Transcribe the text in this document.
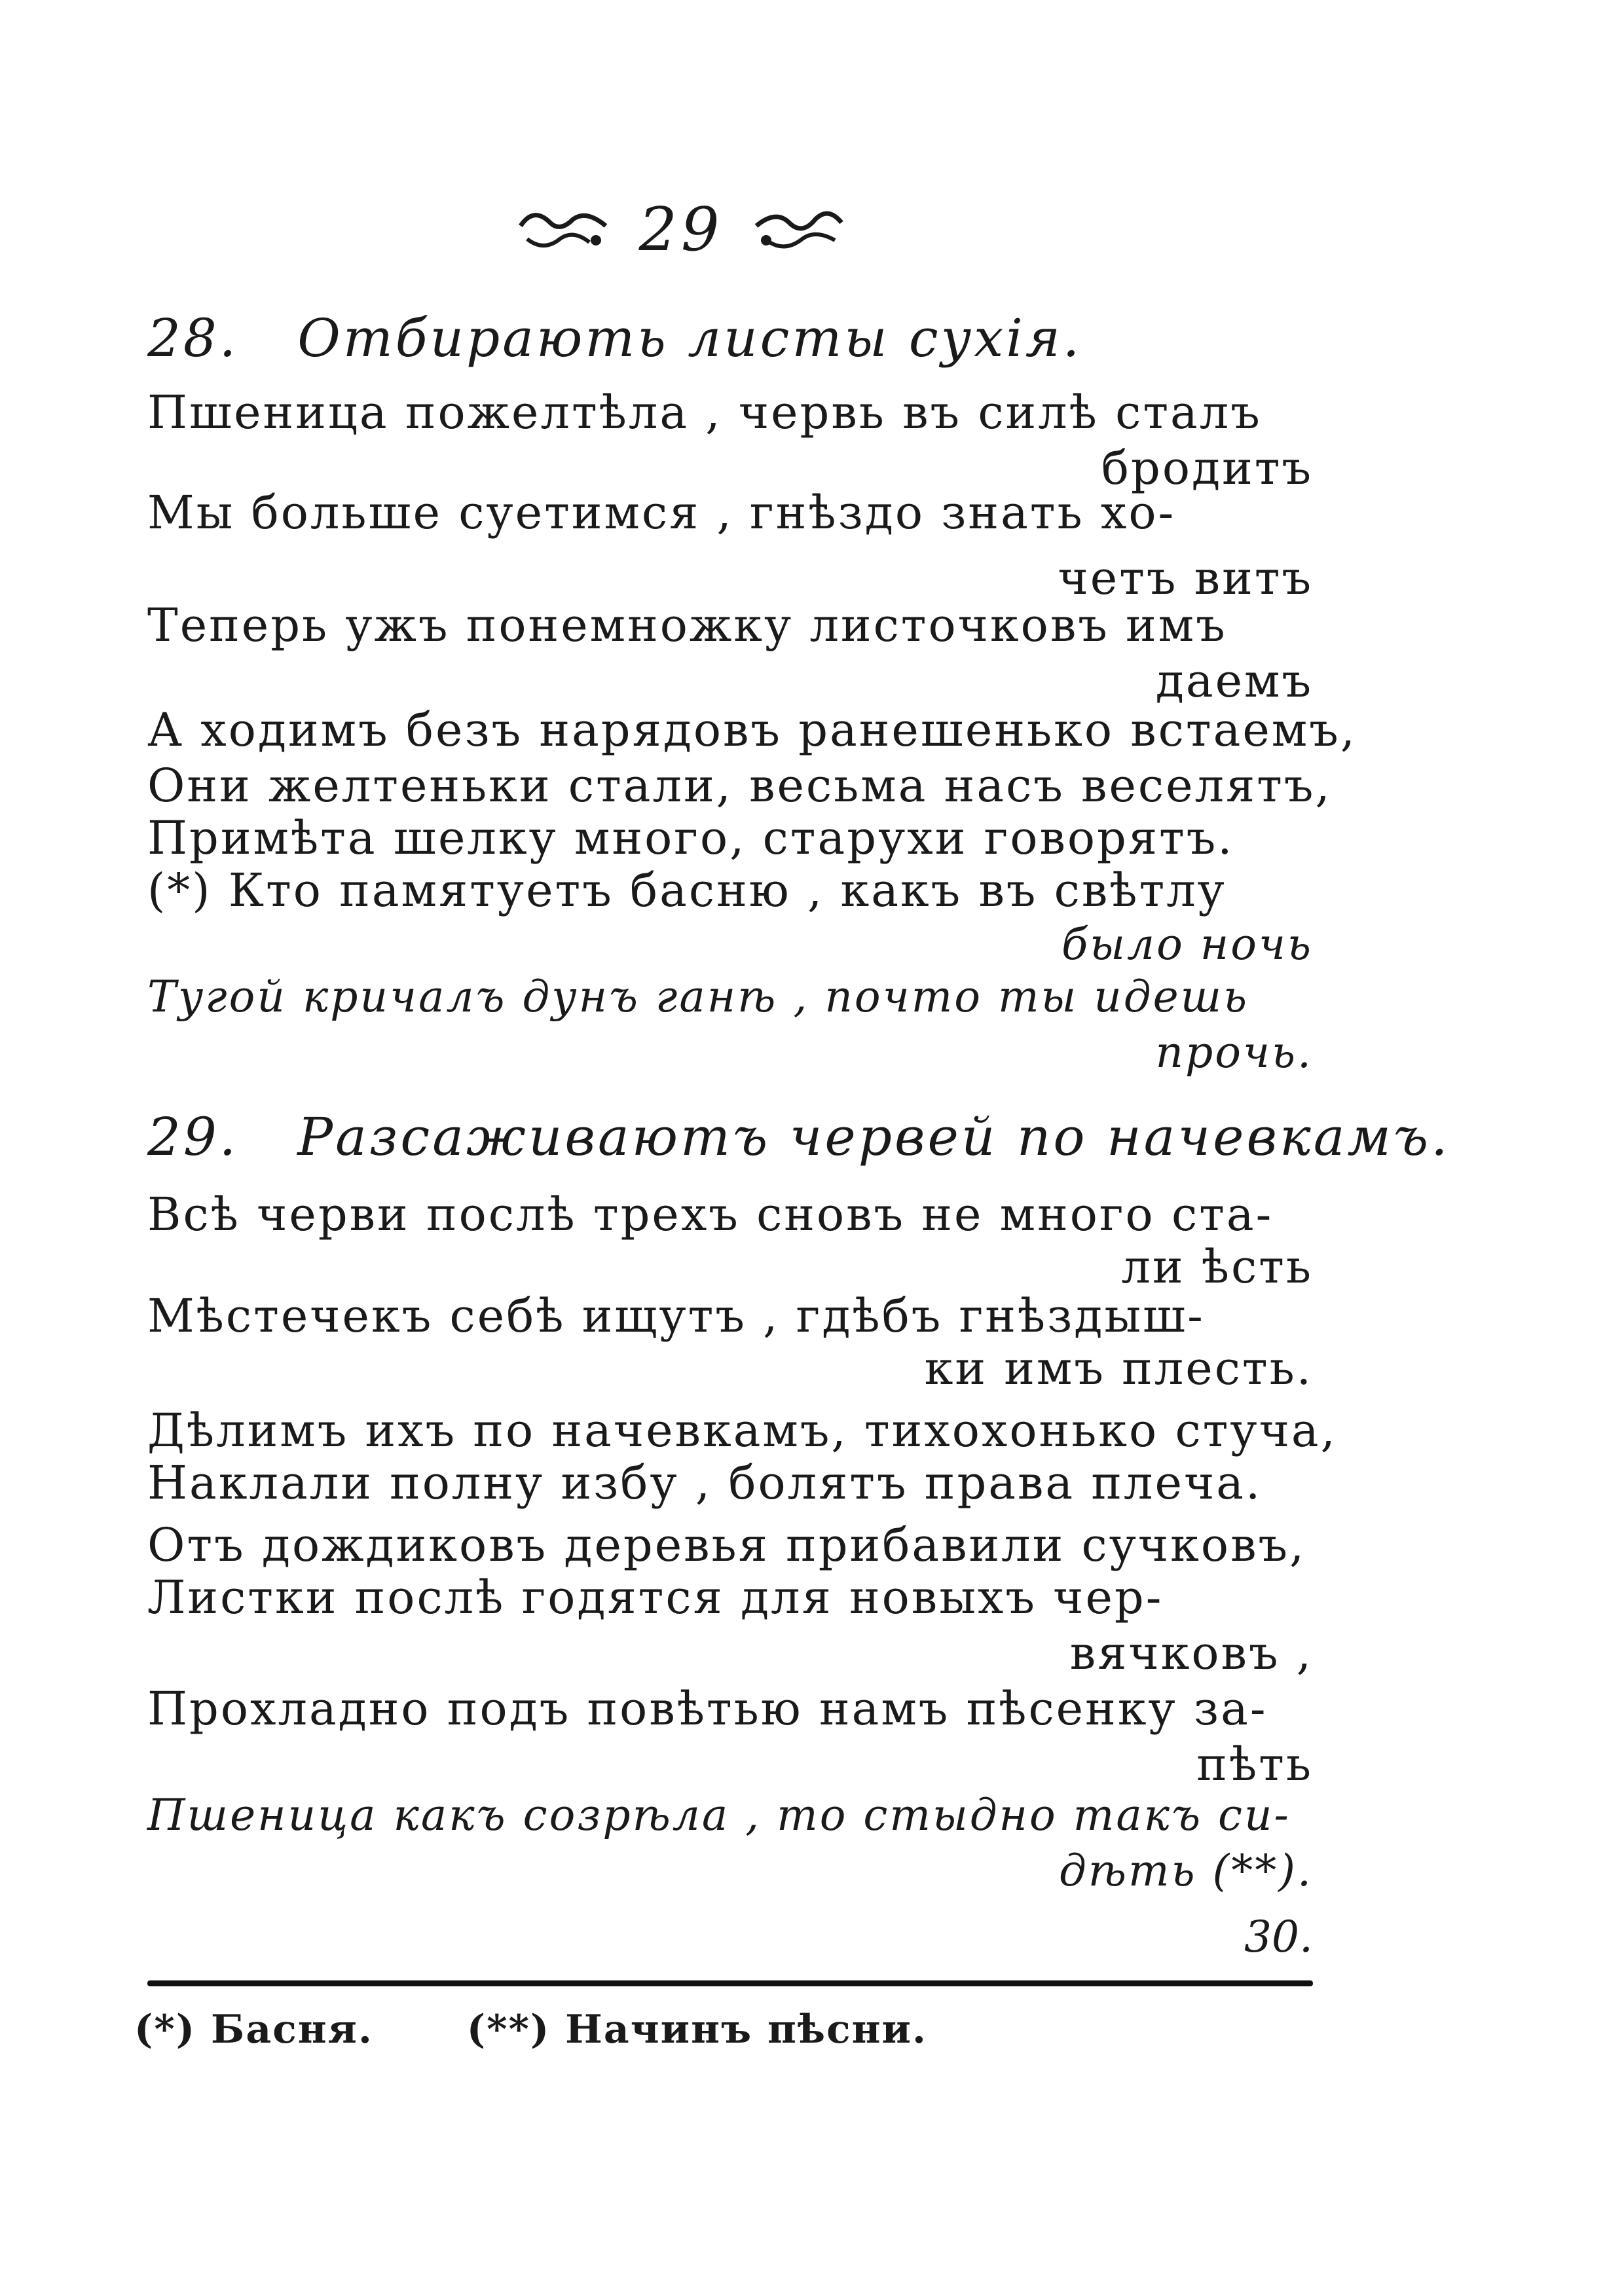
29
28. Отбирають листы сухія.
Пшеница пожелтѣла , червь въ силѣ сталъ
бродитъ
Мы больше суетимся , гнѣздо знать хо-
четъ витъ
Теперь ужъ понемножку листочковъ имъ
даемъ
А ходимъ безъ нарядовъ ранешенько встаемъ,
Они желтеньки стали, весьма насъ веселятъ,
Примѣта шелку много, старухи говорятъ.
(*) Кто памятуетъ басню , какъ въ свѣтлу
было ночь
Тугой кричалъ дунъ ганѣ , почто ты идешь
прочь.
29. Разсаживаютъ червей по начевкамъ.
Всѣ черви послѣ трехъ сновъ не много ста-
ли ѣсть
Мѣстечекъ себѣ ищутъ , гдѣбъ гнѣздыш-
ки имъ плесть.
Дѣлимъ ихъ по начевкамъ, тихохонько стуча,
Наклали полну избу , болятъ права плеча.
Отъ дождиковъ деревья прибавили сучковъ,
Листки послѣ годятся для новыхъ чер-
вячковъ ,
Прохладно подъ повѣтью намъ пѣсенку за-
пѣть
Пшеница какъ созрѣла , то стыдно такъ си-
дѣть (**).
30.
(*) Басня. (**) Начинъ пѣсни.
